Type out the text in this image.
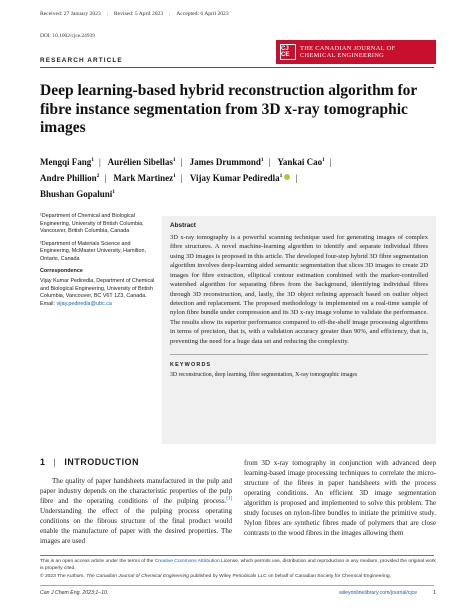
Received: 27 January 2023 | Revised: 5 April 2023 | Accepted: 6 April 2023
DOI: 10.1002/cjce.24939
CJ CE
THE CANADIAN JOURNAL OF
CHEMICAL ENGINEERING
RESEARCH ARTICLE
Deep learning-based hybrid reconstruction algorithm for fibre instance segmentation from 3D x-ray tomographic images
Mengqi Fang$^1$ | Aurélien Sibellas$^1$ | James Drummond$^1$ | Yankai Cao$^1$ |
Andre Phillion$^2$ | Mark Martinez$^1$ | Vijay Kumar Pediredla$^1$ |
Bhushan Gopaluni$^1$

¹Department of Chemical and Biological Engineering, University of British Columbia, Vancouver, British Columbia, Canada

²Department of Materials Science and Engineering, McMaster University, Hamilton, Ontario, Canada

Correspondence

Vijay Kumar Pediredla, Department of Chemical and Biological Engineering, University of British Columbia, Vancouver, BC V6T 1Z3, Canada.
Email: vijay.pediredla@ubc.ca

Abstract
3D x-ray tomography is a powerful scanning technique used for generating images of complex fibre structures. A novel machine-learning algorithm to identify and separate individual fibres using 3D images is proposed in this article. The developed four-step hybrid 3D fibre segmentation algorithm involves deep-learning aided semantic segmentation that slices 3D images to create 2D images for fibre extraction, elliptical contour estimation combined with the marker-controlled watershed algorithm for separating fibres from the background, identifying individual fibres through 3D reconstruction, and, lastly, the 3D object refining approach based on outlier object detection and replacement. The proposed methodology is implemented on a real-time sample of nylon fibre bundle under compression and its 3D x-ray image volume to validate the performance. The results show its superior performance compared to off-the-shelf image processing algorithms in terms of precision, that is, with a validation accuracy greater than 90%, and efficiency, that is, preventing the need for a huge data set and reducing the complexity.
KEYWORDS
3D reconstruction, deep learning, fibre segmentation, X-ray tomographic images
1 | INTRODUCTION
The quality of paper handsheets manufactured in the pulp and paper industry depends on the characteristic properties of the pulp fibre and the operating conditions of the pulping process.[1] Understanding the effect of the pulping process operating conditions on the fibrous structure of the final product would enable the manufacture of paper with the desired properties. The images are used
from 3D x-ray tomography in conjunction with advanced deep learning-based image processing techniques to correlate the micro-structure of the fibres in paper handsheets with the process operating conditions. An efficient 3D image segmentation algorithm is proposed and implemented to solve this problem. The study focuses on nylon-fibre bundles to initiate the primitive study. Nylon fibres are synthetic fibres made of polymers that are close contrasts to the wood fibres in the images allowing them
This is an open access article under the terms of the Creative Commons Attribution License, which permits use, distribution and reproduction in any medium, provided the original work is properly cited.
© 2023 The Authors. The Canadian Journal of Chemical Engineering published by Wiley Periodicals LLC on behalf of Canadian Society for Chemical Engineering.
Can J Chem Eng. 2023;1–10.	wileyonlinelibrary.com/journal/cjce	1
